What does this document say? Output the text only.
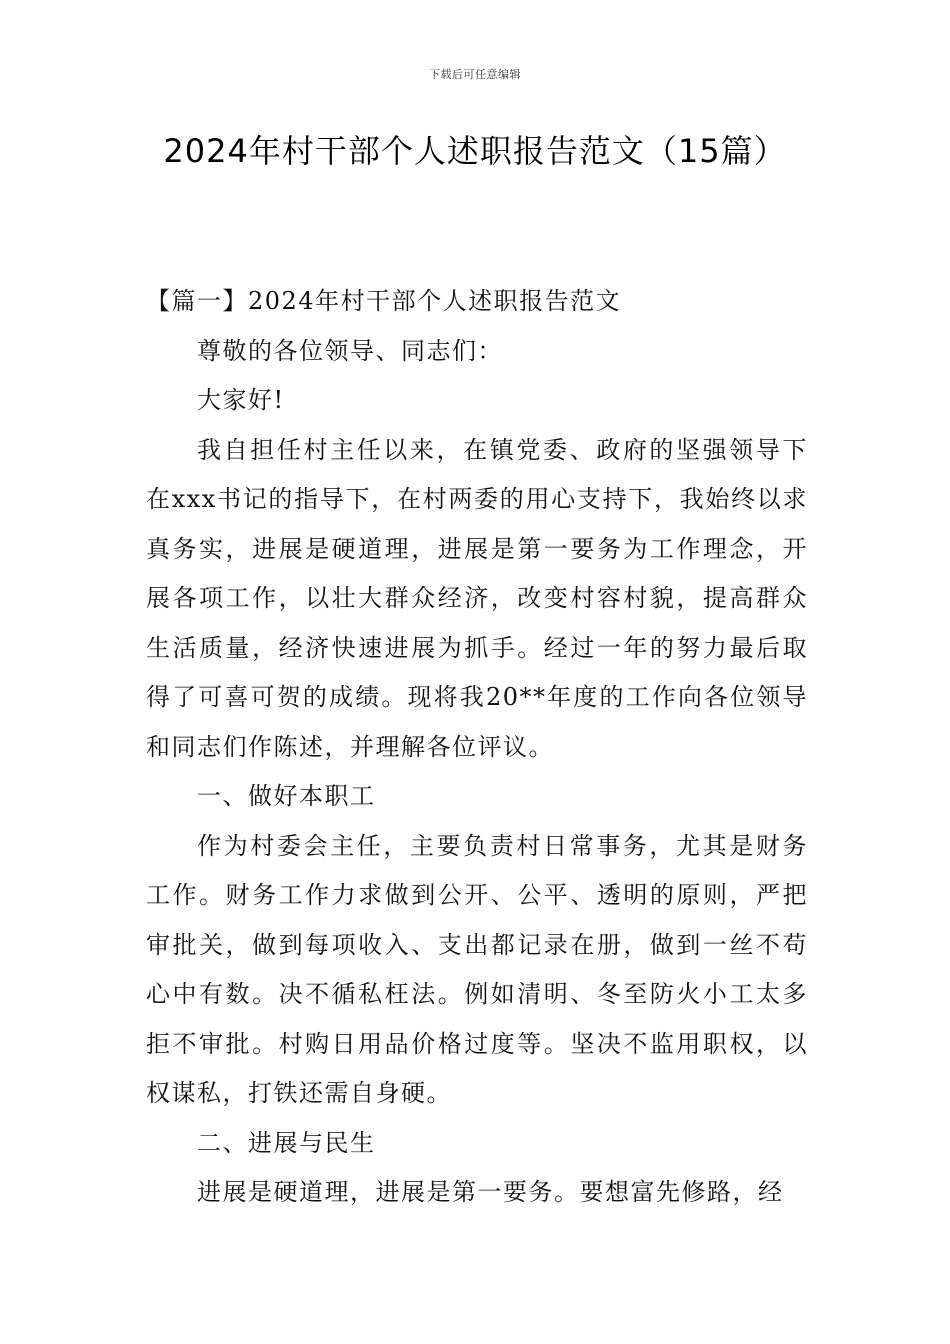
下载后可任意编辑
2024年村干部个人述职报告范文（15篇）

【篇一】2024年村干部个人述职报告范文

尊敬的各位领导、同志们：

大家好!

我自担任村主任以来，在镇党委、政府的坚强领导下在xxx书记的指导下，在村两委的用心支持下，我始终以求真务实，进展是硬道理，进展是第一要务为工作理念，开展各项工作，以壮大群众经济，改变村容村貌，提高群众生活质量，经济快速进展为抓手。经过一年的努力最后取得了可喜可贺的成绩。现将我20**年度的工作向各位领导和同志们作陈述，并理解各位评议。

一、做好本职工

作为村委会主任，主要负责村日常事务，尤其是财务工作。财务工作力求做到公开、公平、透明的原则，严把审批关，做到每项收入、支出都记录在册，做到一丝不苟心中有数。决不循私枉法。例如清明、冬至防火小工太多拒不审批。村购日用品价格过度等。坚决不监用职权，以权谋私，打铁还需自身硬。

二、进展与民生

进展是硬道理，进展是第一要务。要想富先修路，经
